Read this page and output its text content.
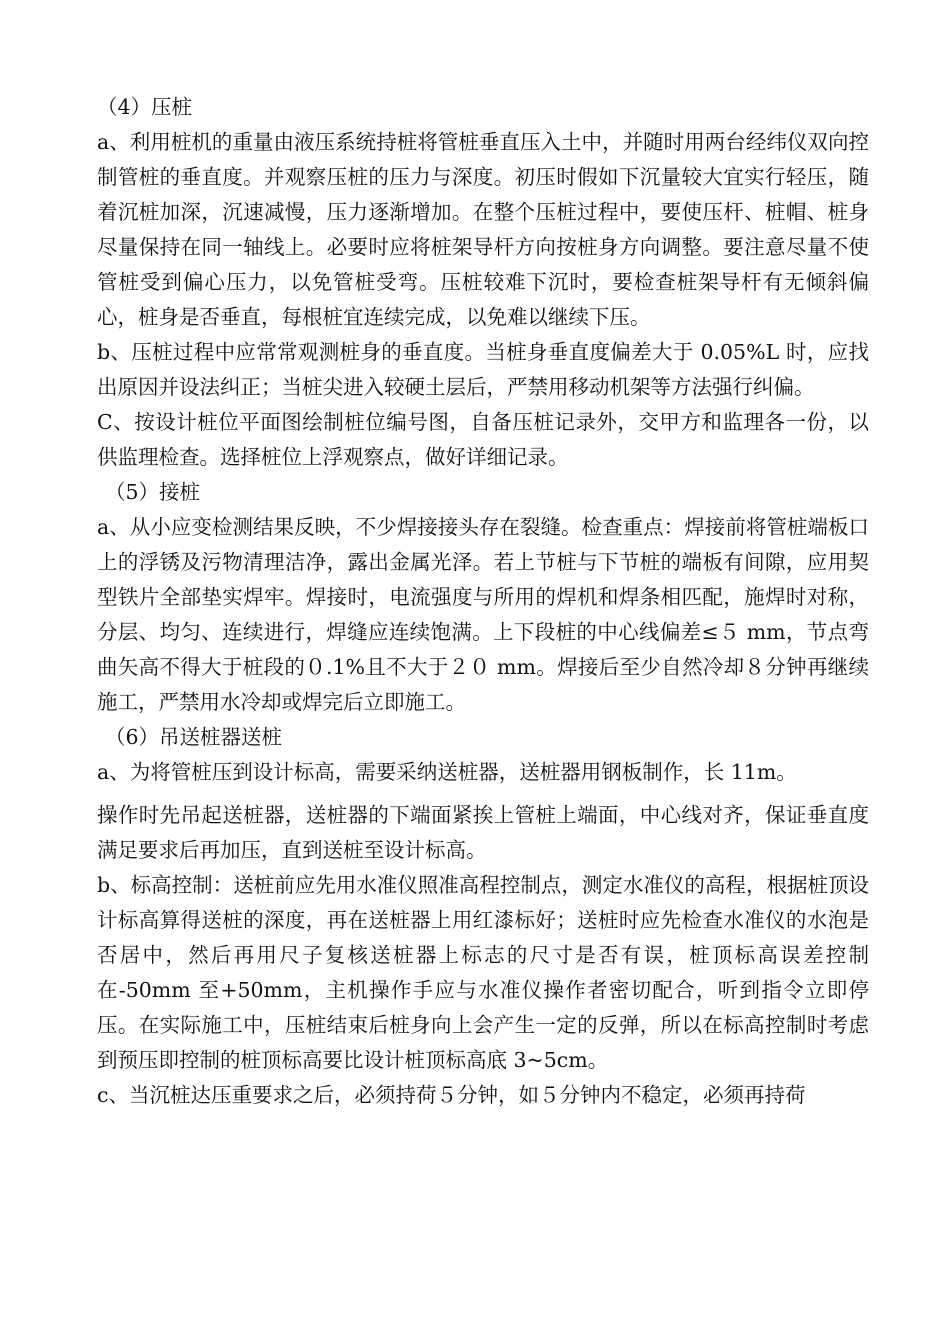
（4）压桩

a、利用桩机的重量由液压系统持桩将管桩垂直压入土中，并随时用两台经纬仪双向控制管桩的垂直度。并观察压桩的压力与深度。初压时假如下沉量较大宜实行轻压，随着沉桩加深，沉速减慢，压力逐渐增加。在整个压桩过程中，要使压杆、桩帽、桩身尽量保持在同一轴线上。必要时应将桩架导杆方向按桩身方向调整。要注意尽量不使管桩受到偏心压力，以免管桩受弯。压桩较难下沉时，要检查桩架导杆有无倾斜偏心，桩身是否垂直，每根桩宜连续完成，以免难以继续下压。

b、压桩过程中应常常观测桩身的垂直度。当桩身垂直度偏差大于 0.05%L 时，应找出原因并设法纠正；当桩尖进入较硬土层后，严禁用移动机架等方法强行纠偏。

C、按设计桩位平面图绘制桩位编号图，自备压桩记录外，交甲方和监理各一份，以供监理检查。选择桩位上浮观察点，做好详细记录。

（5）接桩

a、从小应变检测结果反映，不少焊接接头存在裂缝。检查重点：焊接前将管桩端板口上的浮锈及污物清理洁净，露出金属光泽。若上节桩与下节桩的端板有间隙，应用契型铁片全部垫实焊牢。焊接时，电流强度与所用的焊机和焊条相匹配，施焊时对称，分层、均匀、连续进行，焊缝应连续饱满。上下段桩的中心线偏差≤５ mm，节点弯曲矢高不得大于桩段的０.1%且不大于２０ mm。焊接后至少自然冷却８分钟再继续施工，严禁用水冷却或焊完后立即施工。

（6）吊送桩器送桩

a、为将管桩压到设计标高，需要采纳送桩器，送桩器用钢板制作，长 11m。

操作时先吊起送桩器，送桩器的下端面紧挨上管桩上端面，中心线对齐，保证垂直度满足要求后再加压，直到送桩至设计标高。

b、标高控制：送桩前应先用水准仪照准高程控制点，测定水准仪的高程，根据桩顶设计标高算得送桩的深度，再在送桩器上用红漆标好；送桩时应先检查水准仪的水泡是否居中，然后再用尺子复核送桩器上标志的尺寸是否有误，桩顶标高误差控制在-50mm 至+50mm，主机操作手应与水准仪操作者密切配合，听到指令立即停压。在实际施工中，压桩结束后桩身向上会产生一定的反弹，所以在标高控制时考虑到预压即控制的桩顶标高要比设计桩顶标高底 3~5cm。

c、当沉桩达压重要求之后，必须持荷５分钟，如５分钟内不稳定，必须再持荷
